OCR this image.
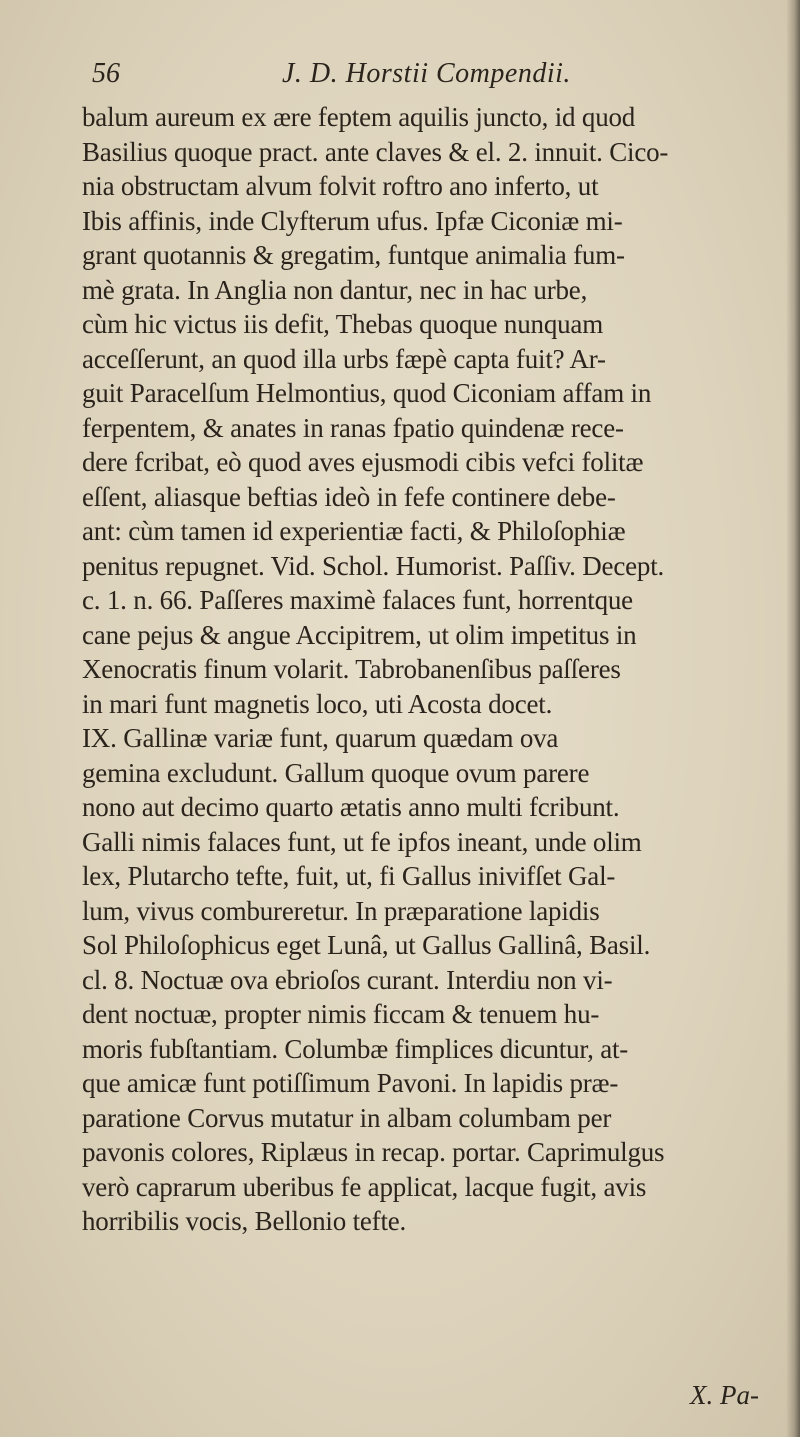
56	J. D. Horstii Compendii.
balum aureum ex ære feptem aquilis juncto, id quod
Basilius quoque pract. ante claves & el. 2. innuit. Cico-
nia obstructam alvum folvit roftro ano inferto, ut
Ibis affinis, inde Clyfterum ufus. Ipfæ Ciconiæ mi-
grant quotannis & gregatim, funtque animalia fum-
mè grata. In Anglia non dantur, nec in hac urbe,
cùm hic victus iis defit, Thebas quoque nunquam
acceſſerunt, an quod illa urbs fæpè capta fuit? Ar-
guit Paracelſum Helmontius, quod Ciconiam affam in
ferpentem, & anates in ranas fpatio quindenæ rece-
dere fcribat, eò quod aves ejusmodi cibis vefci folitæ
eſſent, aliasque beftias ideò in fefe continere debe-
ant: cùm tamen id experientiæ facti, & Philoſophiæ
penitus repugnet. Vid. Schol. Humorist. Paſſiv. Decept.
c. 1. n. 66. Paſſeres maximè falaces funt, horrentque
cane pejus & angue Accipitrem, ut olim impetitus in
Xenocratis finum volarit. Tabrobanenſibus paſſeres
in mari funt magnetis loco, uti Acosta docet.
IX. Gallinæ variæ funt, quarum quædam ova
gemina excludunt. Gallum quoque ovum parere
nono aut decimo quarto ætatis anno multi fcribunt.
Galli nimis falaces funt, ut fe ipfos ineant, unde olim
lex, Plutarcho tefte, fuit, ut, fi Gallus inivifſet Gal-
lum, vivus combureretur. In præparatione lapidis
Sol Philoſophicus eget Lunâ, ut Gallus Gallinâ, Basil.
cl. 8. Noctuæ ova ebrioſos curant. Interdiu non vi-
dent noctuæ, propter nimis ficcam & tenuem hu-
moris fubſtantiam. Columbæ fimplices dicuntur, at-
que amicæ funt potiſſimum Pavoni. In lapidis præ-
paratione Corvus mutatur in albam columbam per
pavonis colores, Riplæus in recap. portar. Caprimulgus
verò caprarum uberibus fe applicat, lacque fugit, avis
horribilis vocis, Bellonio tefte.
X. Pa-
